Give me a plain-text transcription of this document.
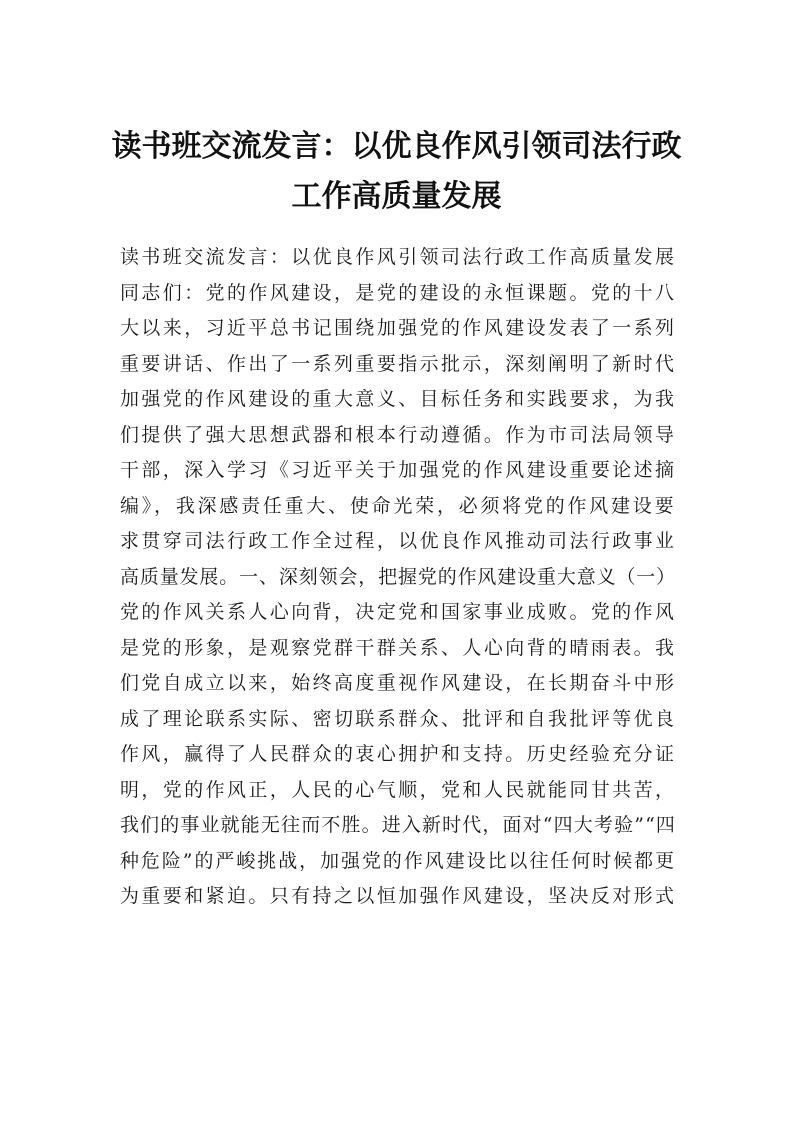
读书班交流发言：以优良作风引领司法行政
工作高质量发展
读书班交流发言：以优良作风引领司法行政工作高质量发展
同志们：党的作风建设，是党的建设的永恒课题。党的十八
大以来，习近平总书记围绕加强党的作风建设发表了一系列
重要讲话、作出了一系列重要指示批示，深刻阐明了新时代
加强党的作风建设的重大意义、目标任务和实践要求，为我
们提供了强大思想武器和根本行动遵循。作为市司法局领导
干部，深入学习《习近平关于加强党的作风建设重要论述摘
编》，我深感责任重大、使命光荣，必须将党的作风建设要
求贯穿司法行政工作全过程，以优良作风推动司法行政事业
高质量发展。一、深刻领会，把握党的作风建设重大意义（一）
党的作风关系人心向背，决定党和国家事业成败。党的作风
是党的形象，是观察党群干群关系、人心向背的晴雨表。我
们党自成立以来，始终高度重视作风建设，在长期奋斗中形
成了理论联系实际、密切联系群众、批评和自我批评等优良
作风，赢得了人民群众的衷心拥护和支持。历史经验充分证
明，党的作风正，人民的心气顺，党和人民就能同甘共苦，
我们的事业就能无往而不胜。进入新时代，面对“四大考验”“四
种危险”的严峻挑战，加强党的作风建设比以往任何时候都更
为重要和紧迫。只有持之以恒加强作风建设，坚决反对形式
